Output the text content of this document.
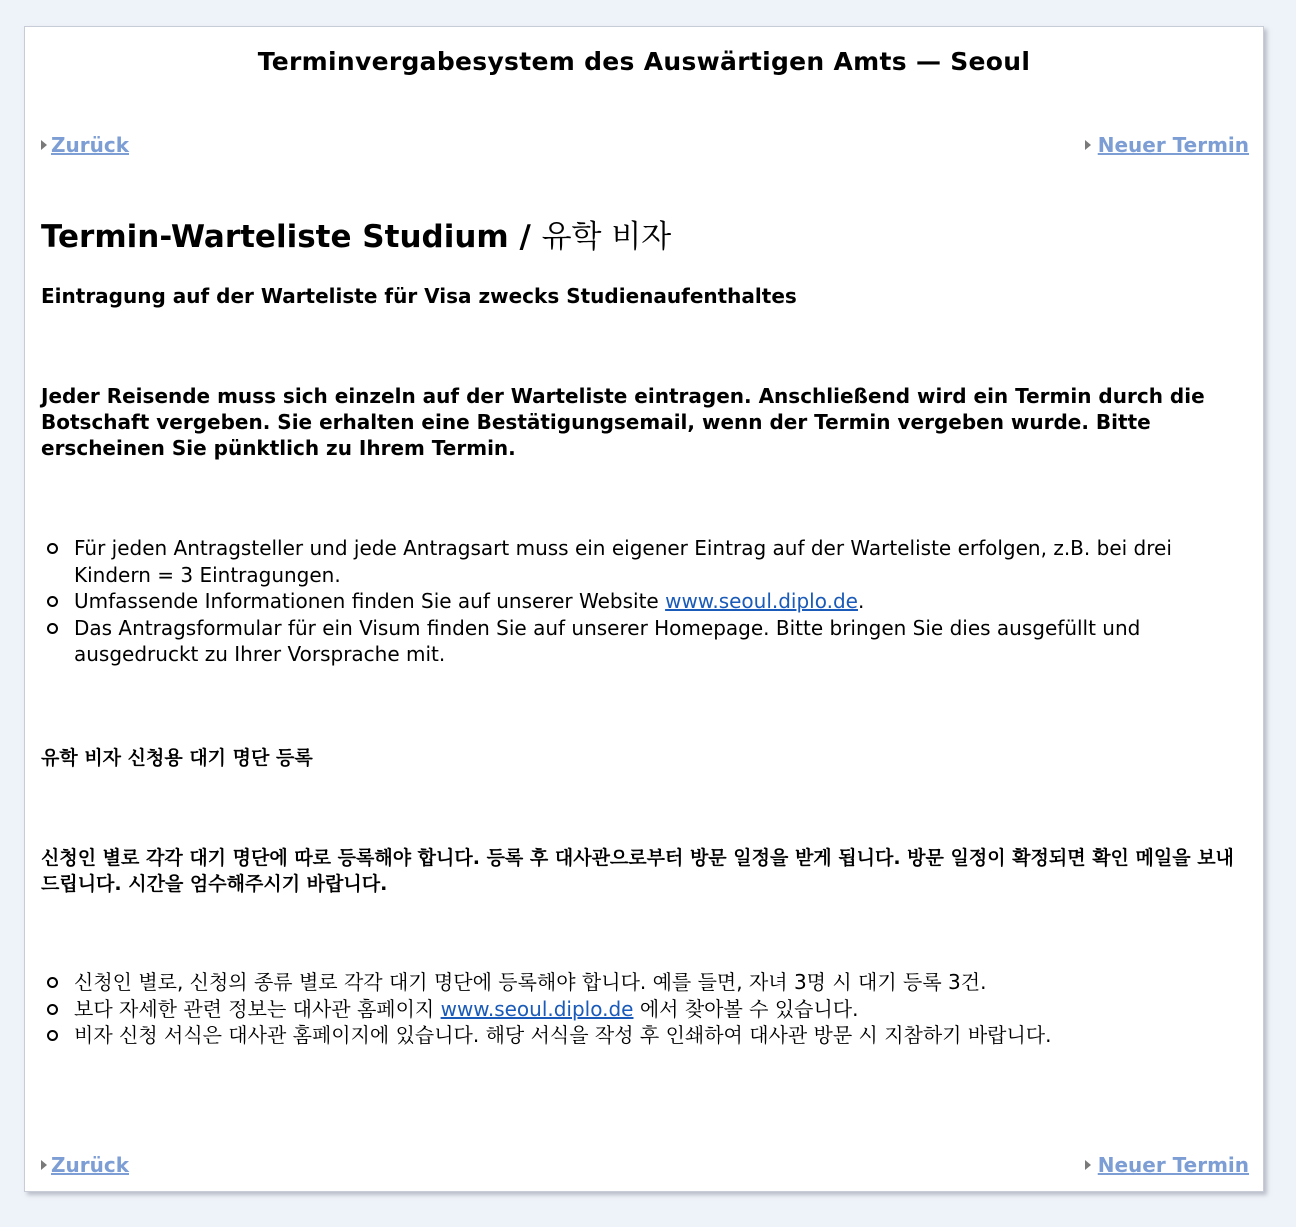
Terminvergabesystem des Auswärtigen Amts — Seoul
Zurück	Neuer Termin
Termin-Warteliste Studium / 유학 비자
Eintragung auf der Warteliste für Visa zwecks Studienaufenthaltes
Jeder Reisende muss sich einzeln auf der Warteliste eintragen. Anschließend wird ein Termin durch die Botschaft vergeben. Sie erhalten eine Bestätigungsemail, wenn der Termin vergeben wurde. Bitte erscheinen Sie pünktlich zu Ihrem Termin.
Für jeden Antragsteller und jede Antragsart muss ein eigener Eintrag auf der Warteliste erfolgen, z.B. bei drei Kindern = 3 Eintragungen.
Umfassende Informationen finden Sie auf unserer Website www.seoul.diplo.de.
Das Antragsformular für ein Visum finden Sie auf unserer Homepage. Bitte bringen Sie dies ausgefüllt und ausgedruckt zu Ihrer Vorsprache mit.
유학 비자 신청용 대기 명단 등록
신청인 별로 각각 대기 명단에 따로 등록해야 합니다. 등록 후 대사관으로부터 방문 일정을 받게 됩니다. 방문 일정이 확정되면 확인 메일을 보내드립니다. 시간을 엄수해주시기 바랍니다.
신청인 별로, 신청의 종류 별로 각각 대기 명단에 등록해야 합니다. 예를 들면, 자녀 3명 시 대기 등록 3건.
보다 자세한 관련 정보는 대사관 홈페이지 www.seoul.diplo.de 에서 찾아볼 수 있습니다.
비자 신청 서식은 대사관 홈페이지에 있습니다. 해당 서식을 작성 후 인쇄하여 대사관 방문 시 지참하기 바랍니다.
Zurück	Neuer Termin
